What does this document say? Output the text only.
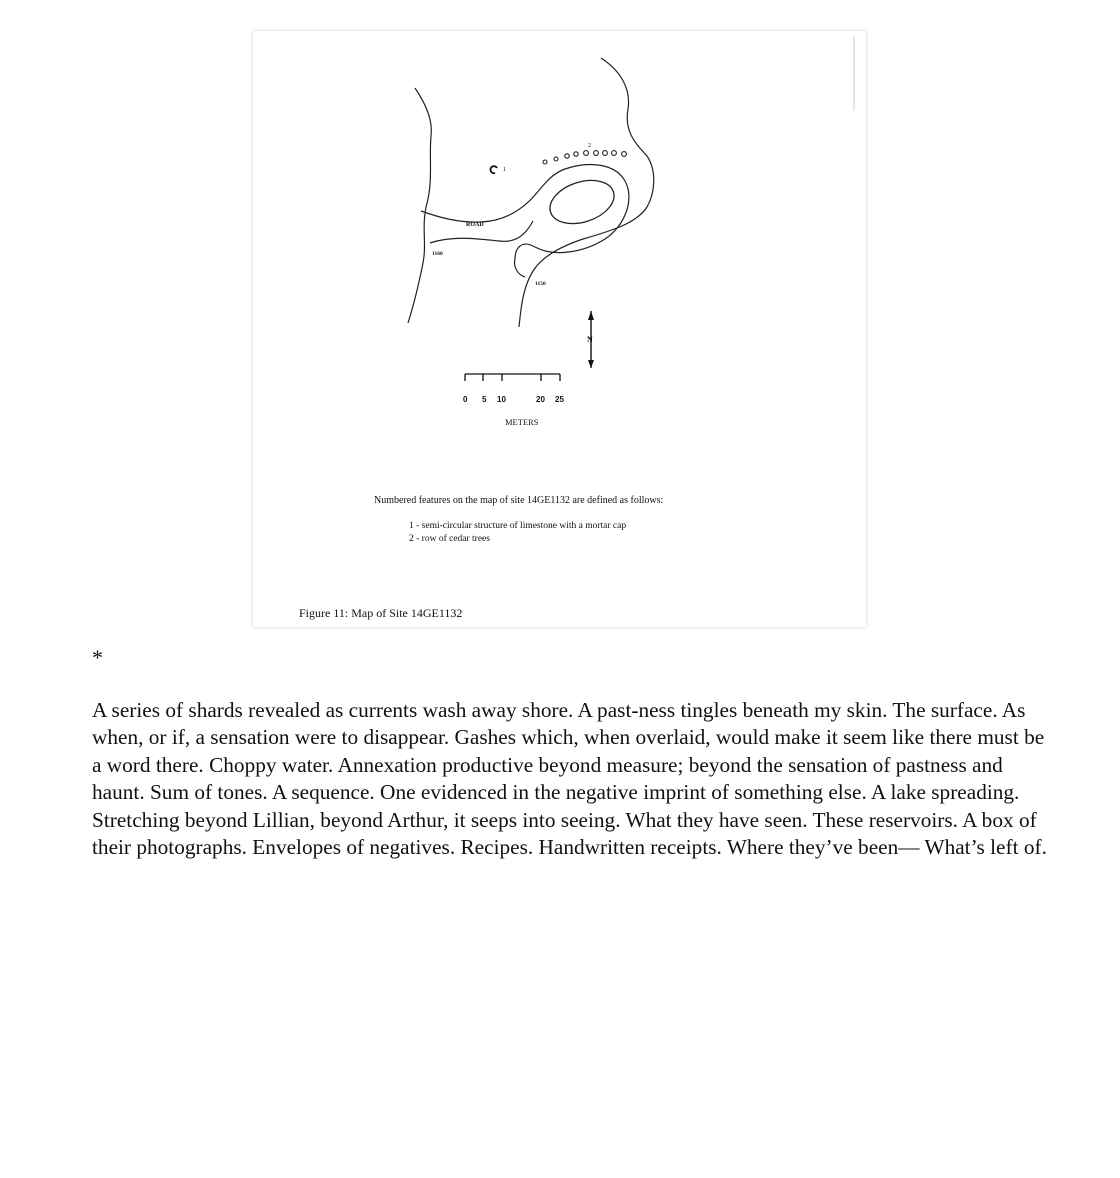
1
2
ROAD
1160
1150
N
0 5 10	20 25
METERS
Numbered features on the map of site 14GE1132 are defined as follows:
1 - semi-circular structure of limestone with a mortar cap
2 - row of cedar trees
Figure 11: Map of Site 14GE1132
*

A series of shards revealed as currents wash away shore. A past-ness tingles beneath my skin. The surface. As when, or if, a sensation were to disappear. Gashes which, when overlaid, would make it seem like there must be a word there. Choppy water. Annexation productive beyond measure; beyond the sensation of pastness and haunt. Sum of tones. A sequence. One evidenced in the negative imprint of something else. A lake spreading. Stretching beyond Lillian, beyond Arthur, it seeps into seeing. What they have seen. These reservoirs. A box of their photographs. Envelopes of negatives. Recipes. Handwritten receipts. Where they’ve been— What’s left of.
